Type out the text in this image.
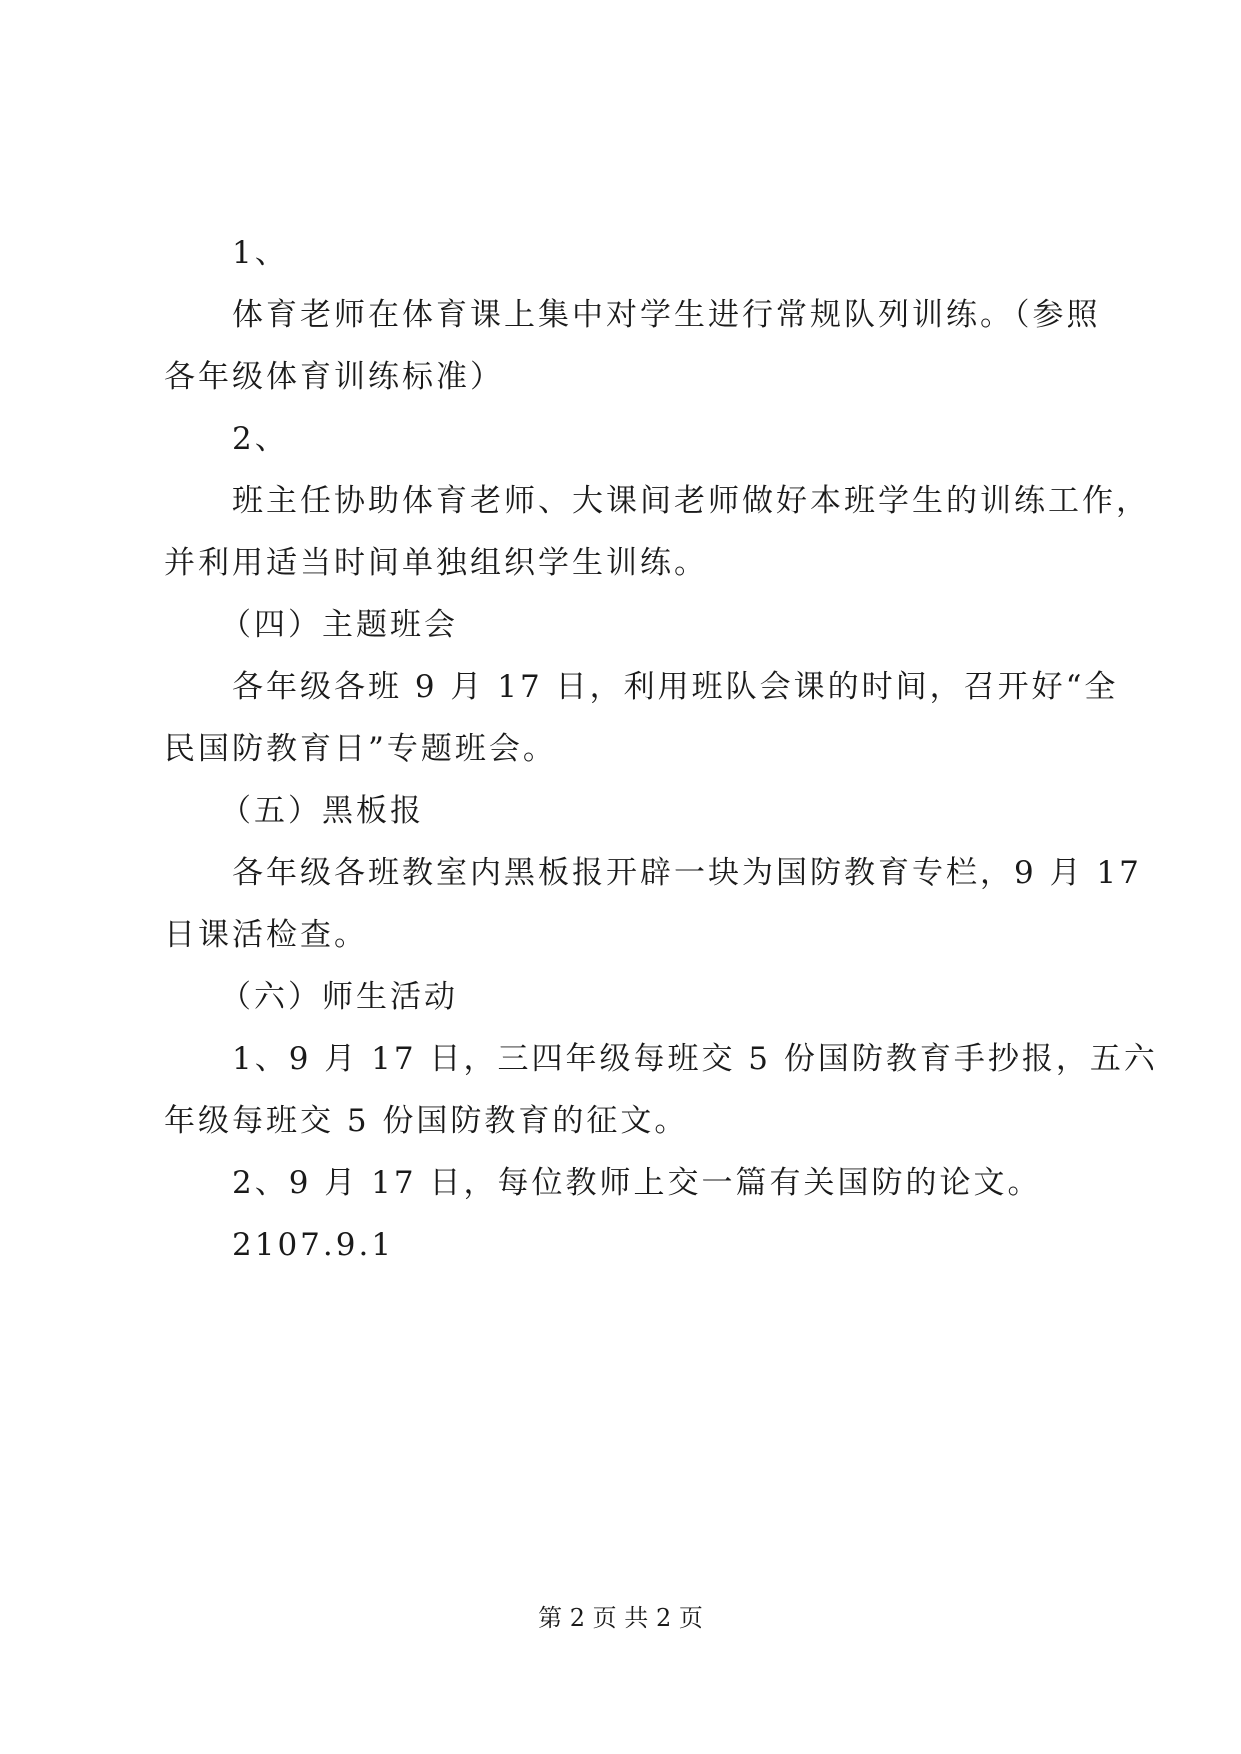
1、
体育老师在体育课上集中对学生进行常规队列训练。（参照
各年级体育训练标准）
2、
班主任协助体育老师、大课间老师做好本班学生的训练工作，
并利用适当时间单独组织学生训练。
（四）主题班会
各年级各班 9 月 17 日，利用班队会课的时间，召开好“全
民国防教育日”专题班会。
（五）黑板报
各年级各班教室内黑板报开辟一块为国防教育专栏，9 月 17
日课活检查。
（六）师生活动
1、9 月 17 日，三四年级每班交 5 份国防教育手抄报，五六
年级每班交 5 份国防教育的征文。
2、9 月 17 日，每位教师上交一篇有关国防的论文。
2107.9.1
第 2 页 共 2 页
